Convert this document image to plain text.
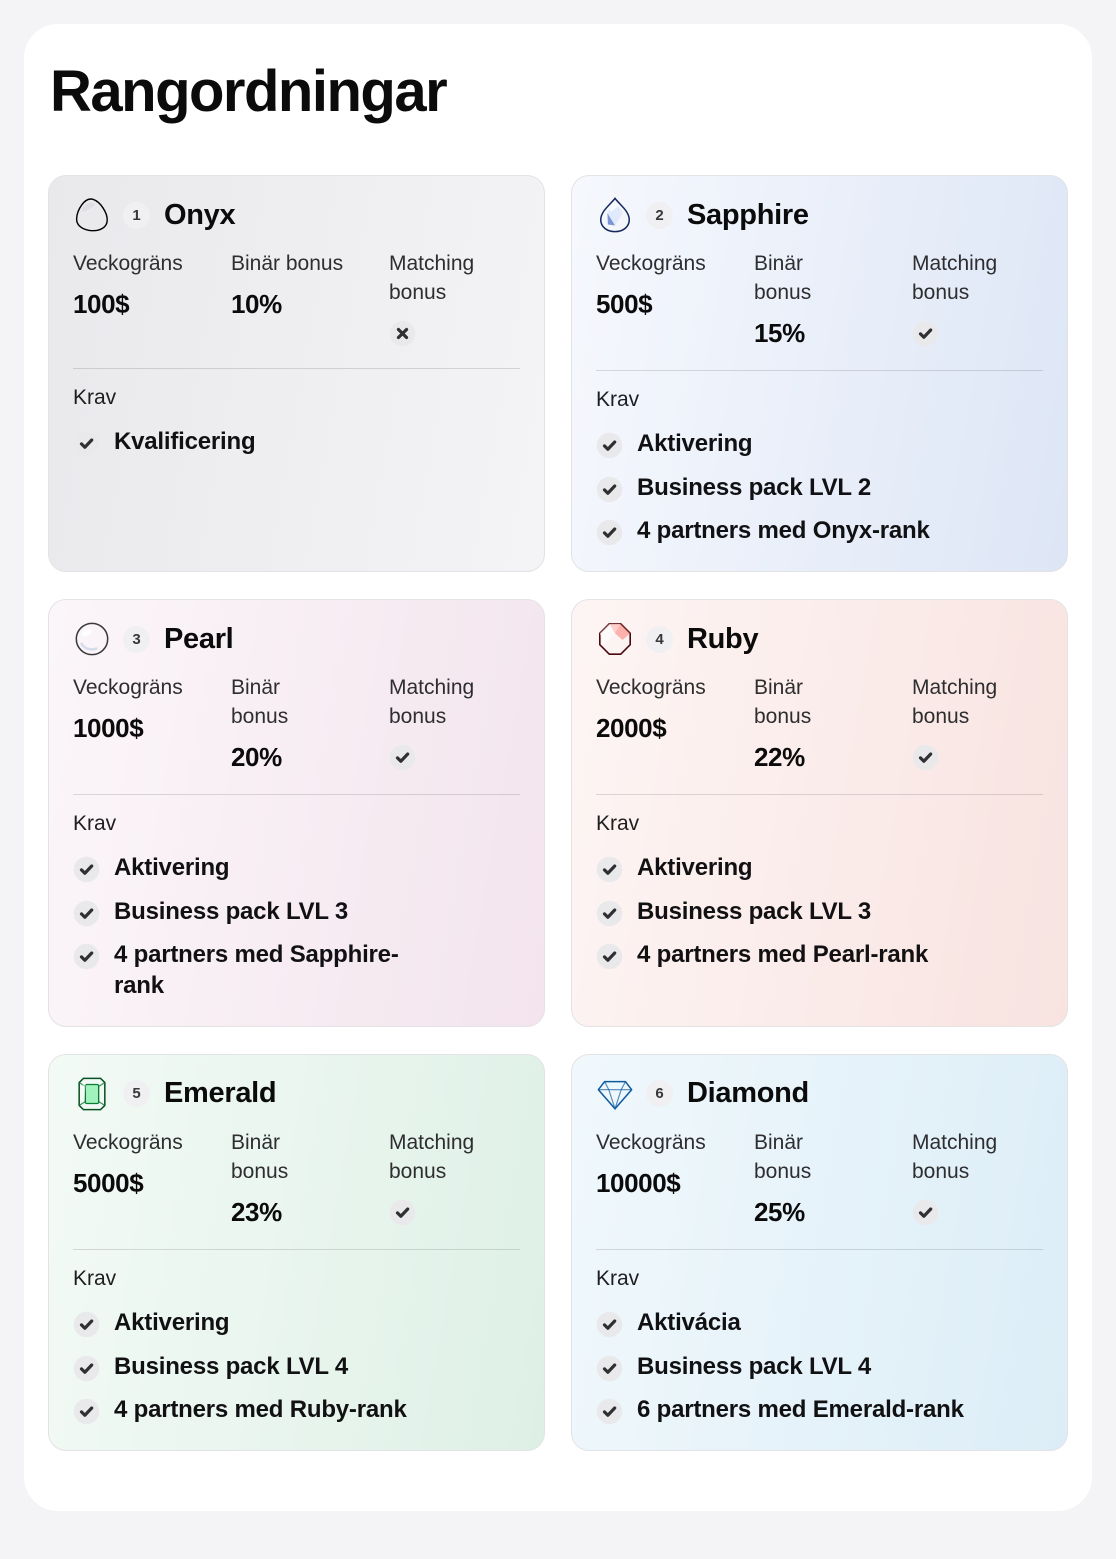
Rangordningar
1 Onyx
Veckogräns
100$
Binär bonus
10%
Matching bonus
Krav
Kvalificering
2 Sapphire
Veckogräns
500$
Binär bonus
15%
Matching bonus
Krav
Aktivering
Business pack LVL 2
4 partners med Onyx-rank
3 Pearl
Veckogräns
1000$
Binär bonus
20%
Matching bonus
Krav
Aktivering
Business pack LVL 3
4 partners med Sapphire-rank
4 Ruby
Veckogräns
2000$
Binär bonus
22%
Matching bonus
Krav
Aktivering
Business pack LVL 3
4 partners med Pearl-rank
5 Emerald
Veckogräns
5000$
Binär bonus
23%
Matching bonus
Krav
Aktivering
Business pack LVL 4
4 partners med Ruby-rank
6 Diamond
Veckogräns
10000$
Binär bonus
25%
Matching bonus
Krav
Aktivácia
Business pack LVL 4
6 partners med Emerald-rank
